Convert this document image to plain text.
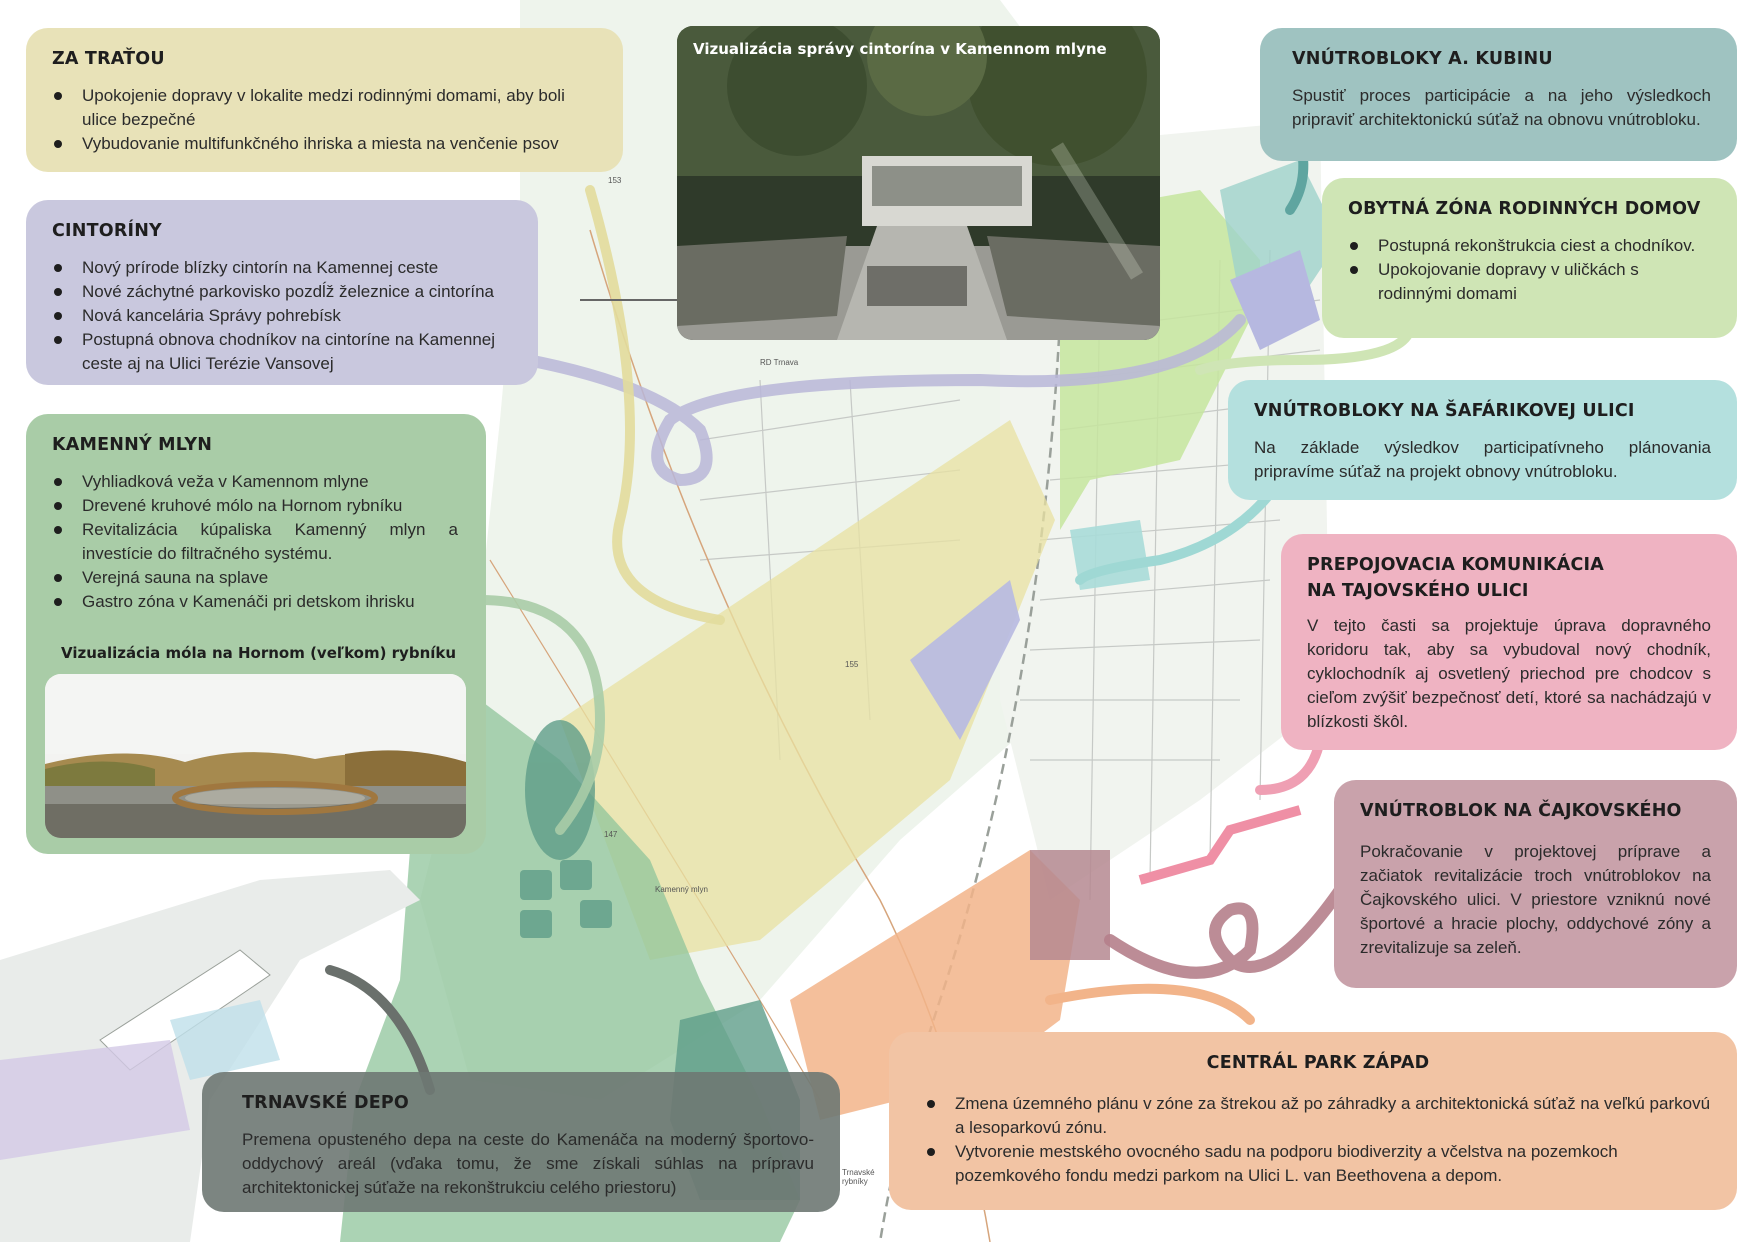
Kamenný mlyn
RD Trnava
Trnavské rybníky
153
155
147
ZA TRAŤOU
Upokojenie dopravy v lokalite medzi rodinnými domami, aby boli ulice bezpečné
Vybudovanie multifunkčného ihriska a miesta na venčenie psov
CINTORÍNY
Nový prírode blízky cintorín na Kamennej ceste
Nové záchytné parkovisko pozdĺž železnice a cintorína
Nová kancelária Správy pohrebísk
Postupná obnova chodníkov na cintoríne na Kamennej ceste aj na Ulici Terézie Vansovej
KAMENNÝ MLYN
Vyhliadková veža v Kamennom mlyne
Drevené kruhové mólo na Hornom rybníku
Revitalizácia kúpaliska Kamenný mlyn a investície do filtračného systému.
Verejná sauna na splave
Gastro zóna v Kamenáči pri detskom ihrisku
Vizualizácia móla na Hornom (veľkom) rybníku
Vizualizácia správy cintorína v Kamennom mlyne	VNÚTROBLOKY A. KUBINU

Spustiť proces participácie a na jeho výsledkoch pripraviť architektonickú súťaž na obnovu vnútrobloku.

OBYTNÁ ZÓNA RODINNÝCH DOMOV
Postupná rekonštrukcia ciest a chodníkov.
Upokojovanie dopravy v uličkách s rodinnými domami
VNÚTROBLOKY NA ŠAFÁRIKOVEJ ULICI

Na základe výsledkov participatívneho plánovania pripravíme súťaž na projekt obnovy vnútrobloku.

PREPOJOVACIA KOMUNIKÁCIA
NA TAJOVSKÉHO ULICI

V tejto časti sa projektuje úprava dopravného koridoru tak, aby sa vybudoval nový chodník, cyklochodník aj osvetlený priechod pre chodcov s cieľom zvýšiť bezpečnosť detí, ktoré sa nachádzajú v blízkosti škôl.

VNÚTROBLOK NA ČAJKOVSKÉHO

Pokračovanie v projektovej príprave a začiatok revitalizácie troch vnútroblokov na Čajkovského ulici. V priestore vzniknú nové športové a hracie plochy, oddychové zóny a zrevitalizuje sa zeleň.

CENTRÁL PARK ZÁPAD
Zmena územného plánu v zóne za štrekou až po záhradky a architektonická súťaž na veľkú parkovú a lesoparkovú zónu.
Vytvorenie mestského ovocného sadu na podporu biodiverzity a včelstva na pozemkoch pozemkového fondu medzi parkom na Ulici L. van Beethovena a depom.
TRNAVSKÉ DEPO

Premena opusteného depa na ceste do Kamenáča na moderný športovo-oddychový areál (vďaka tomu, že sme získali súhlas na prípravu architektonickej súťaže na rekonštrukciu celého priestoru)
